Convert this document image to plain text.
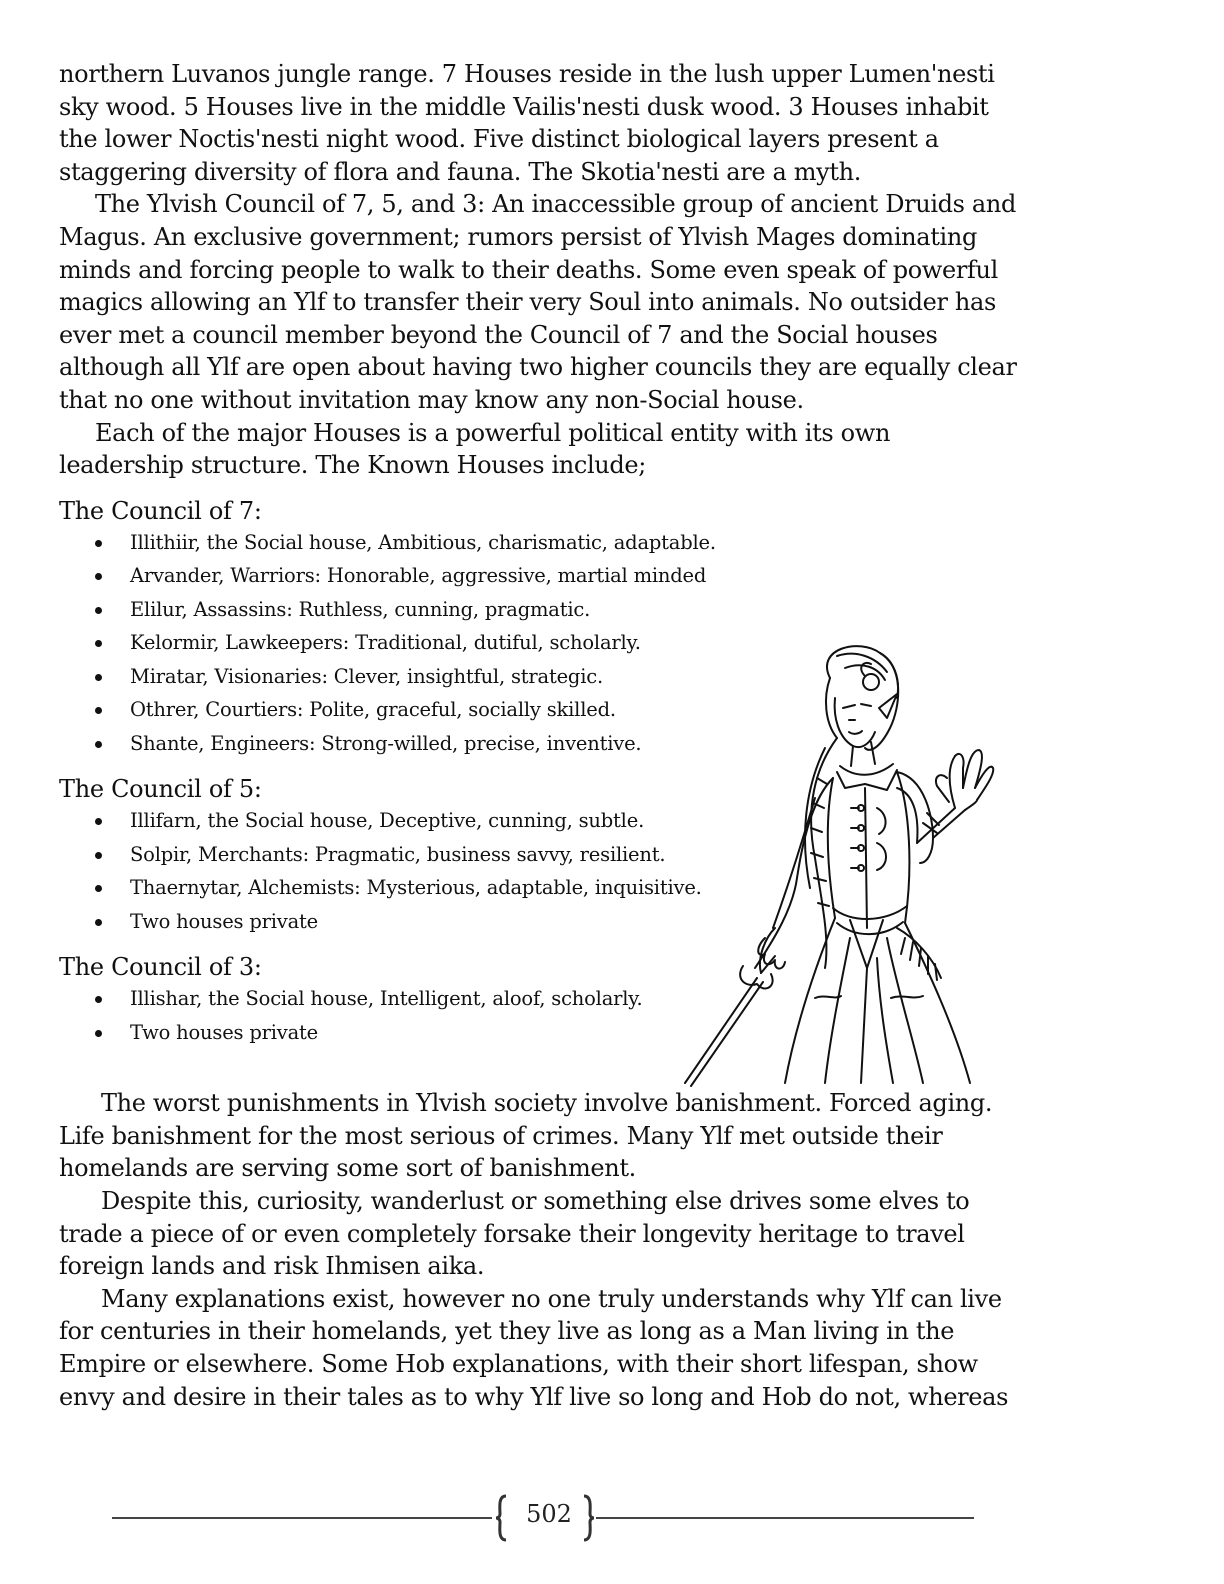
northern Luvanos jungle range. 7 Houses reside in the lush upper Lumen'nesti sky wood. 5 Houses live in the middle Vailis'nesti dusk wood. 3 Houses inhabit the lower Noctis'nesti night wood. Five distinct biological layers present a staggering diversity of flora and fauna. The Skotia'nesti are a myth.

The Ylvish Council of 7, 5, and 3: An inaccessible group of ancient Druids and Magus. An exclusive government; rumors persist of Ylvish Mages dominating minds and forcing people to walk to their deaths. Some even speak of powerful magics allowing an Ylf to transfer their very Soul into animals. No outsider has ever met a council member beyond the Council of 7 and the Social houses although all Ylf are open about having two higher councils they are equally clear that no one without invitation may know any non-Social house.

Each of the major Houses is a powerful political entity with its own leadership structure. The Known Houses include;

The Council of 7:

Illithiir, the Social house, Ambitious, charismatic, adaptable.
Arvander, Warriors: Honorable, aggressive, martial minded
Elilur, Assassins: Ruthless, cunning, pragmatic.
Kelormir, Lawkeepers: Traditional, dutiful, scholarly.
Miratar, Visionaries: Clever, insightful, strategic.
Othrer, Courtiers: Polite, graceful, socially skilled.
Shante, Engineers: Strong-willed, precise, inventive.

The Council of 5:

Illifarn, the Social house, Deceptive, cunning, subtle.
Solpir, Merchants: Pragmatic, business savvy, resilient.
Thaernytar, Alchemists: Mysterious, adaptable, inquisitive.
Two houses private

The Council of 3:

Illishar, the Social house, Intelligent, aloof, scholarly.
Two houses private

The worst punishments in Ylvish society involve banishment. Forced aging. Life banishment for the most serious of crimes. Many Ylf met outside their homelands are serving some sort of banishment.

Despite this, curiosity, wanderlust or something else drives some elves to trade a piece of or even completely forsake their longevity heritage to travel foreign lands and risk Ihmisen aika.

Many explanations exist, however no one truly understands why Ylf can live for centuries in their homelands, yet they live as long as a Man living in the Empire or elsewhere. Some Hob explanations, with their short lifespan, show envy and desire in their tales as to why Ylf live so long and Hob do not, whereas

502
